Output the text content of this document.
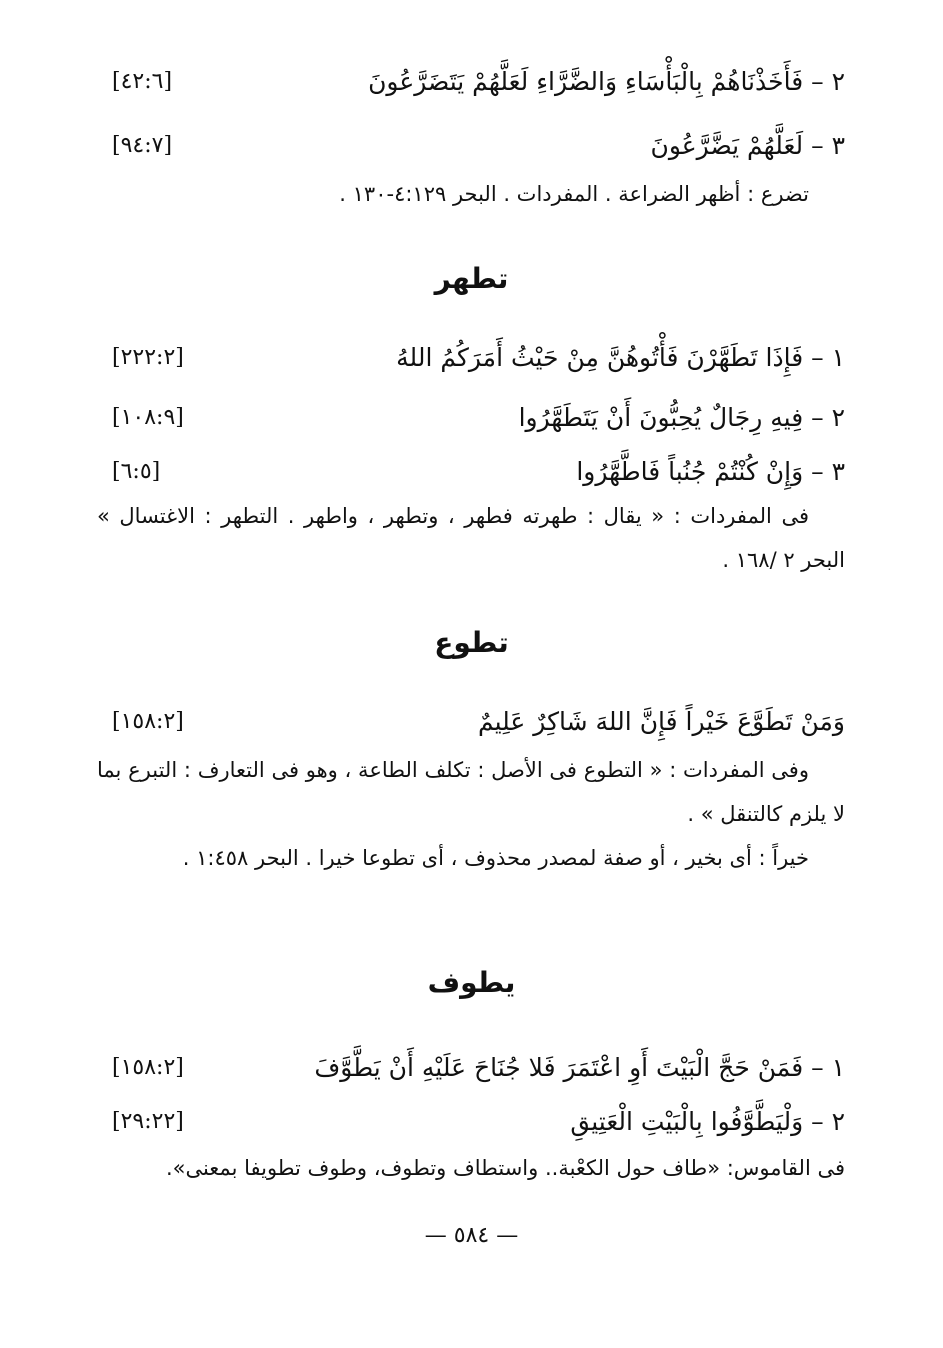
٢ – فَأَخَذْنَاهُمْ بِالْبَأْسَاءِ وَالضَّرَّاءِ لَعَلَّهُمْ يَتَضَرَّعُونَ
[٤٢:٦]
٣ – لَعَلَّهُمْ يَضَّرَّعُونَ
[٩٤:٧]

تضرع : أظهر الضراعة . المفردات . البحر ٤:١٢٩-١٣٠ .

تطهر
١ – فَإِذَا تَطَهَّرْنَ فَأْتُوهُنَّ مِنْ حَيْثُ أَمَرَكُمُ اللهُ
[٢٢٢:٢]
٢ – فِيهِ رِجَالٌ يُحِبُّونَ أَنْ يَتَطَهَّرُوا
[١٠٨:٩]
٣ – وَإِنْ كُنْتُمْ جُنُباً فَاطَّهَّرُوا
[٦:٥]

فى المفردات : « يقال : طهرته فطهر ، وتطهر ، واطهر . التطهر : الاغتسال » البحر ٢ /١٦٨ .

تطوع
وَمَنْ تَطَوَّعَ خَيْراً فَإِنَّ اللهَ شَاكِرٌ عَلِيمٌ
[١٥٨:٢]

وفى المفردات : « التطوع فى الأصل : تكلف الطاعة ، وهو فى التعارف : التبرع بما لا يلزم كالتنقل » .

خيراً : أى بخير ، أو صفة لمصدر محذوف ، أى تطوعا خيرا . البحر ١:٤٥٨ .

يطوف
١ – فَمَنْ حَجَّ الْبَيْتَ أَوِ اعْتَمَرَ فَلا جُنَاحَ عَلَيْهِ أَنْ يَطَّوَّفَ
[١٥٨:٢]
٢ – وَلْيَطَّوَّفُوا بِالْبَيْتِ الْعَتِيقِ
[٢٩:٢٢]

فى القاموس: «طاف حول الكعْبة.. واستطاف وتطوف، وطوف تطويفا بمعنى».

— ٥٨٤ —
